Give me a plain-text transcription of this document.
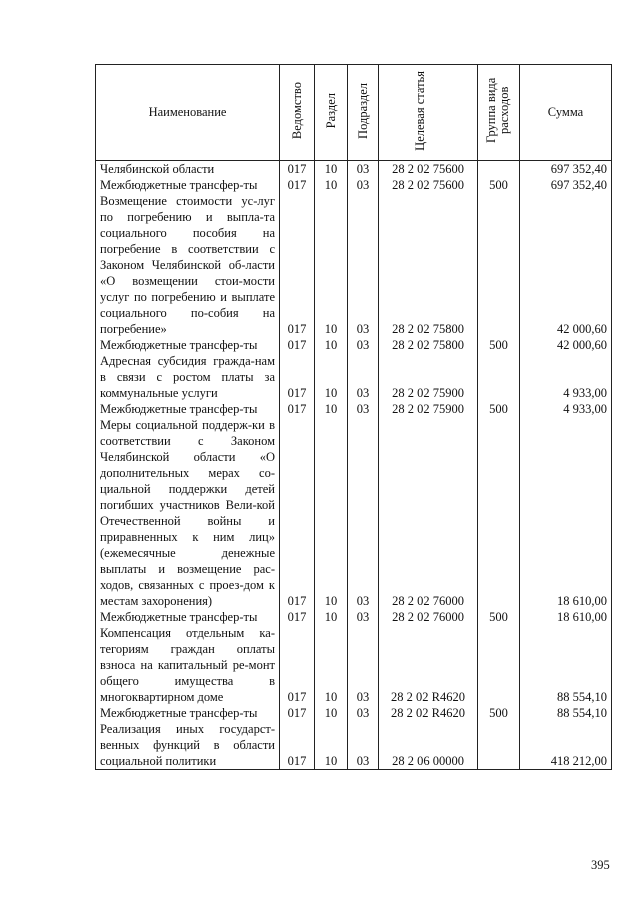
Наименование	Ведомство	Раздел	Подраздел	Целевая статья	Группа вида расходов	Сумма
Челябинской области	017	10	03	28 2 02 75600		697 352,40
Межбюджетные трансфер-ты	017	10	03	28 2 02 75600	500	697 352,40
Возмещение стоимости ус-луг по погребению и выпла-та социального пособия на погребение в соответствии с Законом Челябинской об-ласти «О возмещении стои-мости услуг по погребению и выплате социального по-собия на погребение»	017	10	03	28 2 02 75800		42 000,60
Межбюджетные трансфер-ты	017	10	03	28 2 02 75800	500	42 000,60
Адресная субсидия гражда-нам в связи с ростом платы за коммунальные услуги	017	10	03	28 2 02 75900		4 933,00
Межбюджетные трансфер-ты	017	10	03	28 2 02 75900	500	4 933,00
Меры социальной поддерж-ки в соответствии с Законом Челябинской области «О дополнительных мерах со-циальной поддержки детей погибших участников Вели-кой Отечественной войны и приравненных к ним лиц» (ежемесячные денежные выплаты и возмещение рас-ходов, связанных с проез-дом к местам захоронения)	017	10	03	28 2 02 76000		18 610,00
Межбюджетные трансфер-ты	017	10	03	28 2 02 76000	500	18 610,00
Компенсация отдельным ка-тегориям граждан оплаты взноса на капитальный ре-монт общего имущества в многоквартирном доме	017	10	03	28 2 02 R4620		88 554,10
Межбюджетные трансфер-ты	017	10	03	28 2 02 R4620	500	88 554,10
Реализация иных государст-венных функций в области социальной политики	017	10	03	28 2 06 00000		418 212,00
395
